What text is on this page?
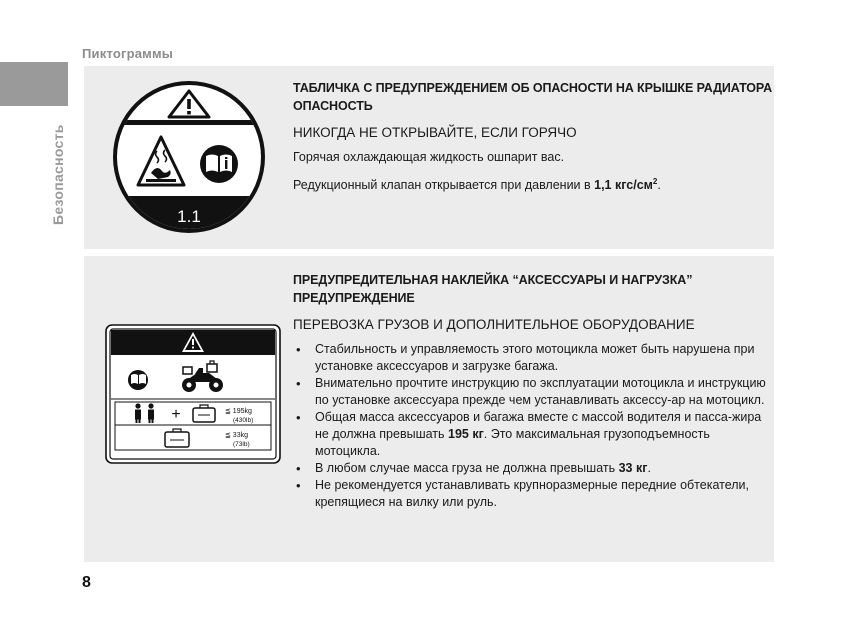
Пиктограммы
Безопасность	1.1
ТАБЛИЧКА С ПРЕДУПРЕЖДЕНИЕМ ОБ ОПАСНОСТИ НА КРЫШКЕ РАДИАТОРА
ОПАСНОСТЬ
НИКОГДА НЕ ОТКРЫВАЙТЕ, ЕСЛИ ГОРЯЧО
Горячая охлаждающая жидкость ошпарит вас.
Редукционный клапан открывается при давлении в 1,1 кгс/$см^2$.
+	≦ 195kg
(430lb)
≦ 33kg
(73lb)
ПРЕДУПРЕДИТЕЛЬНАЯ НАКЛЕЙКА “АКСЕССУАРЫ И НАГРУЗКА”
ПРЕДУПРЕЖДЕНИЕ
ПЕРЕВОЗКА ГРУЗОВ И ДОПОЛНИТЕЛЬНОЕ ОБОРУДОВАНИЕ
• Стабильность и управляемость этого мотоцикла может быть нарушена при установке аксессуаров и загрузке багажа.
• Внимательно прочтите инструкцию по эксплуатации мотоцикла и инструкцию по установке аксессуара прежде чем устанавливать аксессу-ар на мотоцикл.
• Общая масса аксессуаров и багажа вместе с массой водителя и пасса-жира не должна превышать 195 кг. Это максимальная грузоподъемность мотоцикла.
• В любом случае масса груза не должна превышать 33 кг.
• Не рекомендуется устанавливать крупноразмерные передние обтекатели, крепящиеся на вилку или руль.
8
